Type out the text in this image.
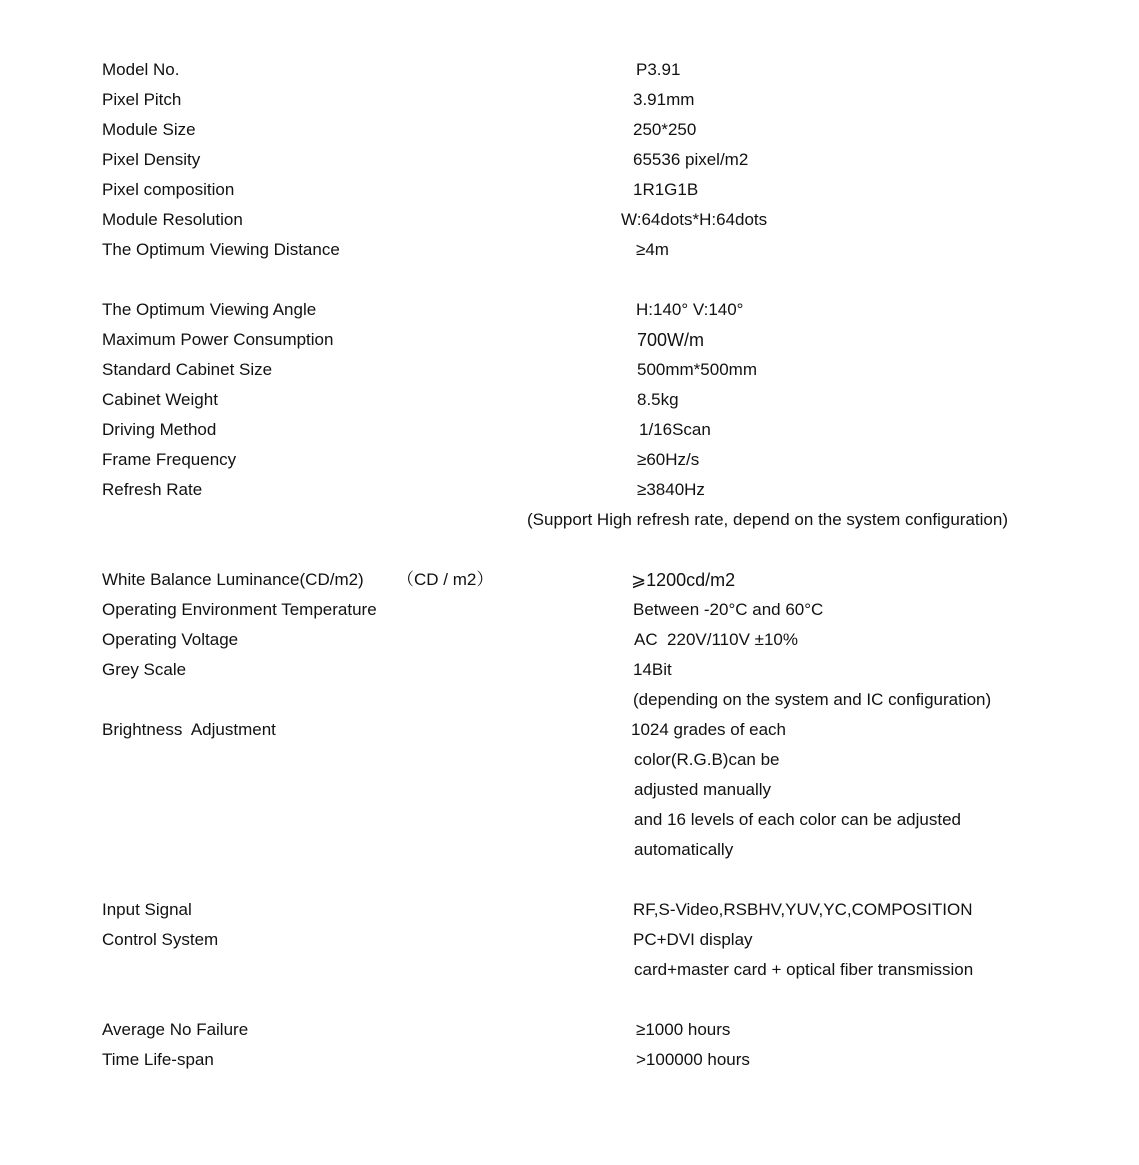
Model No.	P3.91
Pixel Pitch	3.91mm
Module Size	250*250
Pixel Density	65536 pixel/m2
Pixel composition	1R1G1B
Module Resolution	W:64dots*H:64dots
The Optimum Viewing Distance	≥4m
The Optimum Viewing Angle	H:140° V:140°
Maximum Power Consumption	700W/m
Standard Cabinet Size	500mm*500mm
Cabinet Weight	8.5kg
Driving Method	1/16Scan
Frame Frequency	≥60Hz/s
Refresh Rate	≥3840Hz
(Support High refresh rate, depend on the system configuration)
White Balance Luminance(CD/m2) （CD / m2）	⩾1200cd/m2
Operating Environment Temperature	Between -20°C and 60°C
Operating Voltage	AC  220V/110V ±10%
Grey Scale	14Bit
(depending on the system and IC configuration)
Brightness  Adjustment	1024 grades of each
color(R.G.B)can be
adjusted manually
and 16 levels of each color can be adjusted
automatically
Input Signal	RF,S-Video,RSBHV,YUV,YC,COMPOSITION
Control System	PC+DVI display
card+master card + optical fiber transmission
Average No Failure	≥1000 hours
Time Life-span	>100000 hours
